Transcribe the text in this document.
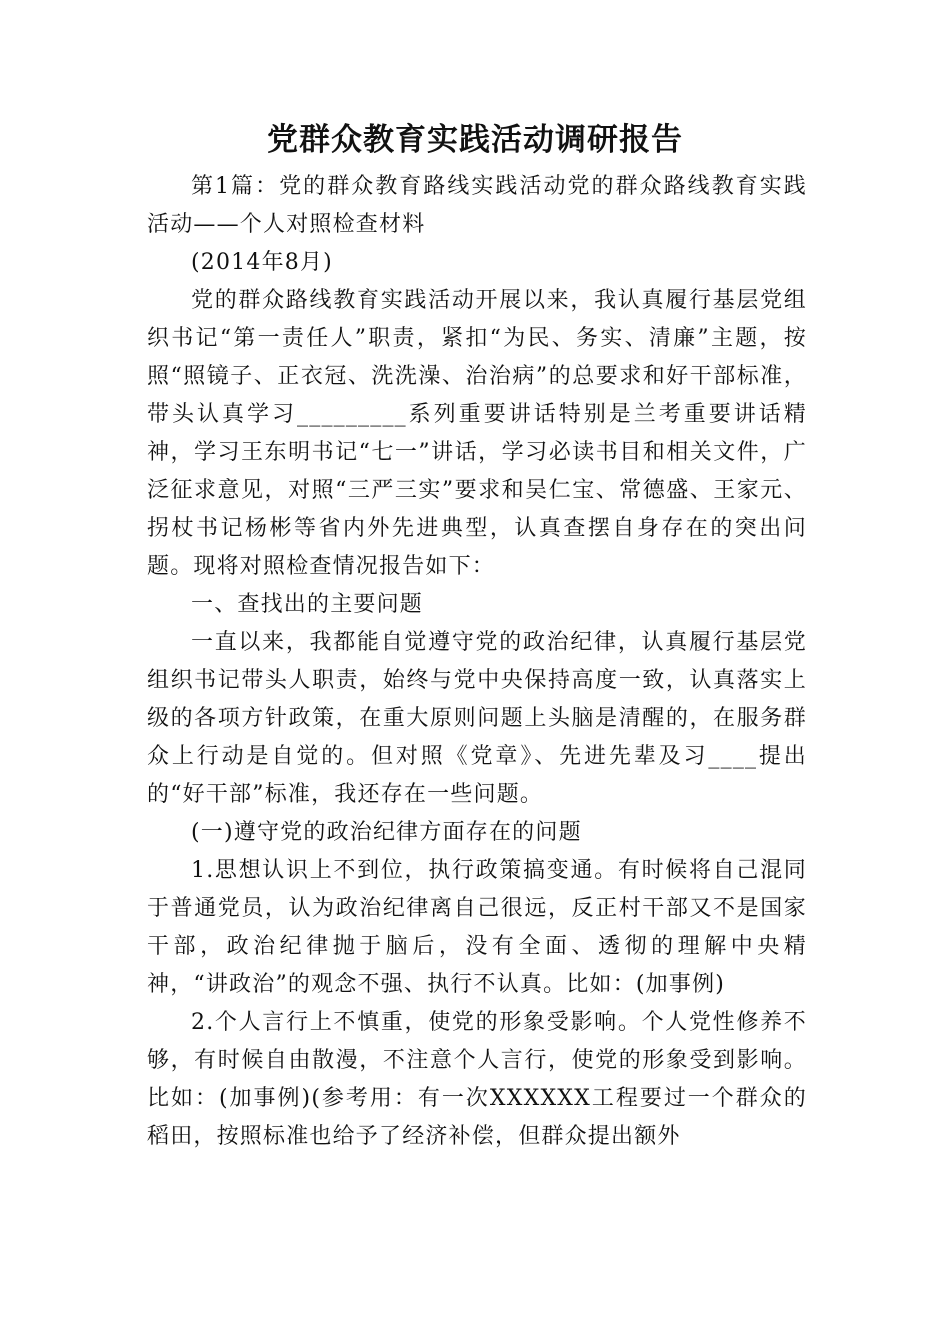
党群众教育实践活动调研报告

第1篇：党的群众教育路线实践活动党的群众路线教育实践活动——个人对照检查材料

(2014年8月)

党的群众路线教育实践活动开展以来，我认真履行基层党组织书记“第一责任人”职责，紧扣“为民、务实、清廉”主题，按照“照镜子、正衣冠、洗洗澡、治治病”的总要求和好干部标准，带头认真学习_________系列重要讲话特别是兰考重要讲话精神，学习王东明书记“七一”讲话，学习必读书目和相关文件，广泛征求意见，对照“三严三实”要求和吴仁宝、常德盛、王家元、拐杖书记杨彬等省内外先进典型，认真查摆自身存在的突出问题。现将对照检查情况报告如下：

一、查找出的主要问题

一直以来，我都能自觉遵守党的政治纪律，认真履行基层党组织书记带头人职责，始终与党中央保持高度一致，认真落实上级的各项方针政策，在重大原则问题上头脑是清醒的，在服务群众上行动是自觉的。但对照《党章》、先进先辈及习____提出的“好干部”标准，我还存在一些问题。

(一)遵守党的政治纪律方面存在的问题

1.思想认识上不到位，执行政策搞变通。有时候将自己混同于普通党员，认为政治纪律离自己很远，反正村干部又不是国家干部，政治纪律抛于脑后，没有全面、透彻的理解中央精神，“讲政治”的观念不强、执行不认真。比如：(加事例)

2.个人言行上不慎重，使党的形象受影响。个人党性修养不够，有时候自由散漫，不注意个人言行，使党的形象受到影响。比如：(加事例)(参考用：有一次XXXXXX工程要过一个群众的稻田，按照标准也给予了经济补偿，但群众提出额外
